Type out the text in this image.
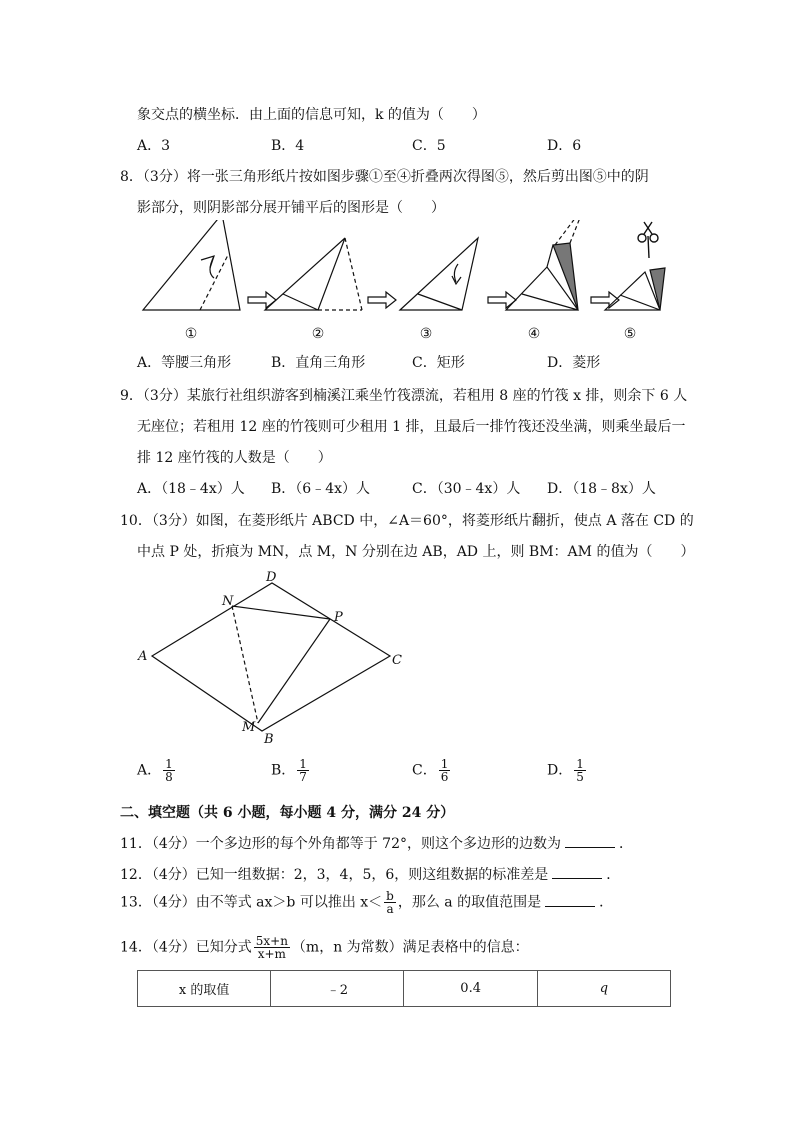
象交点的横坐标．由上面的信息可知，k 的值为（　　）
A．3	B．4	C．5	D．6
8．（3分）将一张三角形纸片按如图步骤①至④折叠两次得图⑤，然后剪出图⑤中的阴
影部分，则阴影部分展开铺平后的图形是（　　）
①	②	③	④	⑤
A．等腰三角形	B．直角三角形	C．矩形	D．菱形
9．（3分）某旅行社组织游客到楠溪江乘坐竹筏漂流，若租用 8 座的竹筏 x 排，则余下 6 人
无座位；若租用 12 座的竹筏则可少租用 1 排，且最后一排竹筏还没坐满，则乘坐最后一
排 12 座竹筏的人数是（　　）
A．（18﹣4x）人 B．（6﹣4x）人	C．（30﹣4x）人 D．（18﹣8x）人
10．（3分）如图，在菱形纸片 ABCD 中，∠A＝60°，将菱形纸片翻折，使点 A 落在 CD 的
中点 P 处，折痕为 MN，点 M，N 分别在边 AB，AD 上，则 BM：AM 的值为（　　）
D
N
P
A	C
M
B
A． $\frac{1}{8}$	B． $\frac{1}{7}$	C． $\frac{1}{6}$	D． $\frac{1}{5}$
二、填空题（共 6 小题，每小题 4 分，满分 24 分）
11．（4分）一个多边形的每个外角都等于 72°，则这个多边形的边数为	．
12．（4分）已知一组数据：2，3，4，5，6，则这组数据的标准差是	．
13．（4分）由不等式 ax＞b 可以推出 $x< \frac{b}{a}$ ，那么 a 的取值范围是	．
14．（4分）已知分式 $\frac{5x+n}{x+m} (m$，n 为常数）满足表格中的信息：
x 的取值	﹣2	0.4	q
